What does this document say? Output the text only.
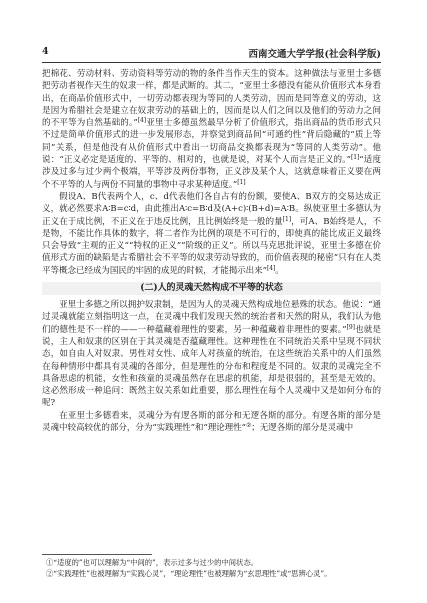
4	西南交通大学学报(社会科学版)

把棉花、劳动材料、劳动资料等劳动的物的条件当作天生的资本。这种做法与亚里士多德把劳动者视作天生的奴隶一样，都是武断的。其二，“亚里士多德没有能从价值形式本身看出，在商品价值形式中，一切劳动都表现为等同的人类劳动，因而是同等意义的劳动，这是因为希腊社会是建立在奴隶劳动的基础上的，因而是以人们之间以及他们的劳动力之间的不平等为自然基础的。”[4]亚里士多德虽然最早分析了价值形式，指出商品的货币形式只不过是简单价值形式的进一步发展形态，并察觉到商品间“可通约性”背后隐藏的“质上等同”关系，但是他没有从价值形式中看出一切商品交换都表现为“等同的人类劳动”。他说：“正义必定是适度的、平等的、相对的，也就是说，对某个人而言是正义的。”[1]“适度涉及过多与过少两个极端，平等涉及两份事物，正义涉及某个人，这就意味着正义要在两个不平等的人与两份不同量的事物中寻求某种适度。”[1]

假设A、B代表两个人，c、d代表他们各自占有的份额，要使A、B双方的交易达成正义，就必然要求A∶B=c∶d，由此推出A∶c=B∶d及(A+c)∶(B+d)=A∶B。纵使亚里士多德认为正义在于成比例，不正义在于违反比例，且比例始终是一般的量[1]，可A、B始终是人，不是物，不能比作具体的数字，将二者作为比例的项是不可行的，即使真的能比成正义最终只会导致“主观的正义”“特权的正义”“阶级的正义”。所以马克思批评说，亚里士多德在价值形式方面的缺陷是古希腊社会不平等的奴隶劳动导致的，而价值表现的秘密“只有在人类平等概念已经成为国民的牢固的成见的时候，才能揭示出来”[4]。

(二)人的灵魂天然构成不平等的状态

亚里士多德之所以拥护奴隶制，是因为人的灵魂天然构成地位悬殊的状态。他说：“通过灵魂就能立刻指明这一点，在灵魂中我们发现天然的统治者和天然的附从，我们认为他们的德性是不一样的——一种蕴藏着理性的要素，另一种蕴藏着非理性的要素。”[9]也就是说，主人和奴隶的区别在于其灵魂是否蕴藏理性。这种理性在不同统治关系中呈现不同状态，如自由人对奴隶、男性对女性、成年人对孩童的统治，在这些统治关系中的人们虽然在每种情形中都具有灵魂的各部分，但是理性的分布和程度是不同的。奴隶的灵魂完全不具备思虑的机能，女性和孩童的灵魂虽然存在思虑的机能，却是很弱的，甚至是无效的。这必然形成一种追问：既然主奴关系如此重要，那么理性在每个人灵魂中又是如何分布的呢?

在亚里士多德看来，灵魂分为有逻各斯的部分和无逻各斯的部分。有逻各斯的部分是灵魂中较高较优的部分，分为“实践理性”和“理论理性”②；无逻各斯的部分是灵魂中

①“适度的”也可以理解为“中间的”，表示过多与过少的中间状态。

②“实践理性”也被理解为“实践心灵”，“理论理性”也被理解为“玄思理性”或“思辨心灵”。
